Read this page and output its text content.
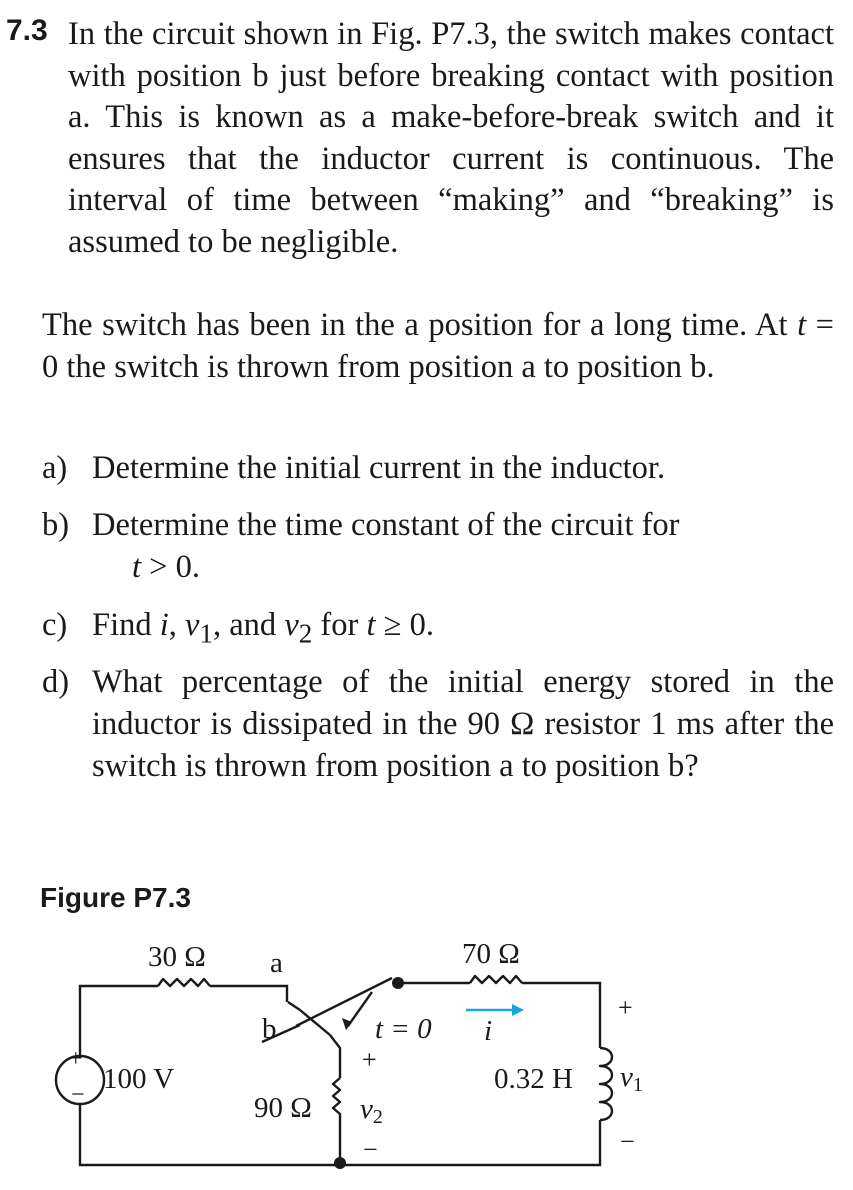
7.3 In the circuit shown in Fig. P7.3, the switch makes contact with position b just before breaking contact with position a. This is known as a make-before-break switch and it ensures that the inductor current is continuous. The interval of time between “making” and “breaking” is assumed to be negligible.
The switch has been in the a position for a long time. At t = 0 the switch is thrown from position a to position b.
a) Determine the initial current in the inductor.
b) Determine the time constant of the circuit for
t > 0.
c) Find i, $v_1$, and $v_2$ for t ≥ 0.
d) What percentage of the initial energy stored in the inductor is dissipated in the 90 Ω resistor 1 ms after the switch is thrown from position a to position b?
Figure P7.3
30 Ω a
+
− 100 V
b	t = 0
90 Ω
+
v2
−
70 Ω
i
0.32 H
+
v1
−
